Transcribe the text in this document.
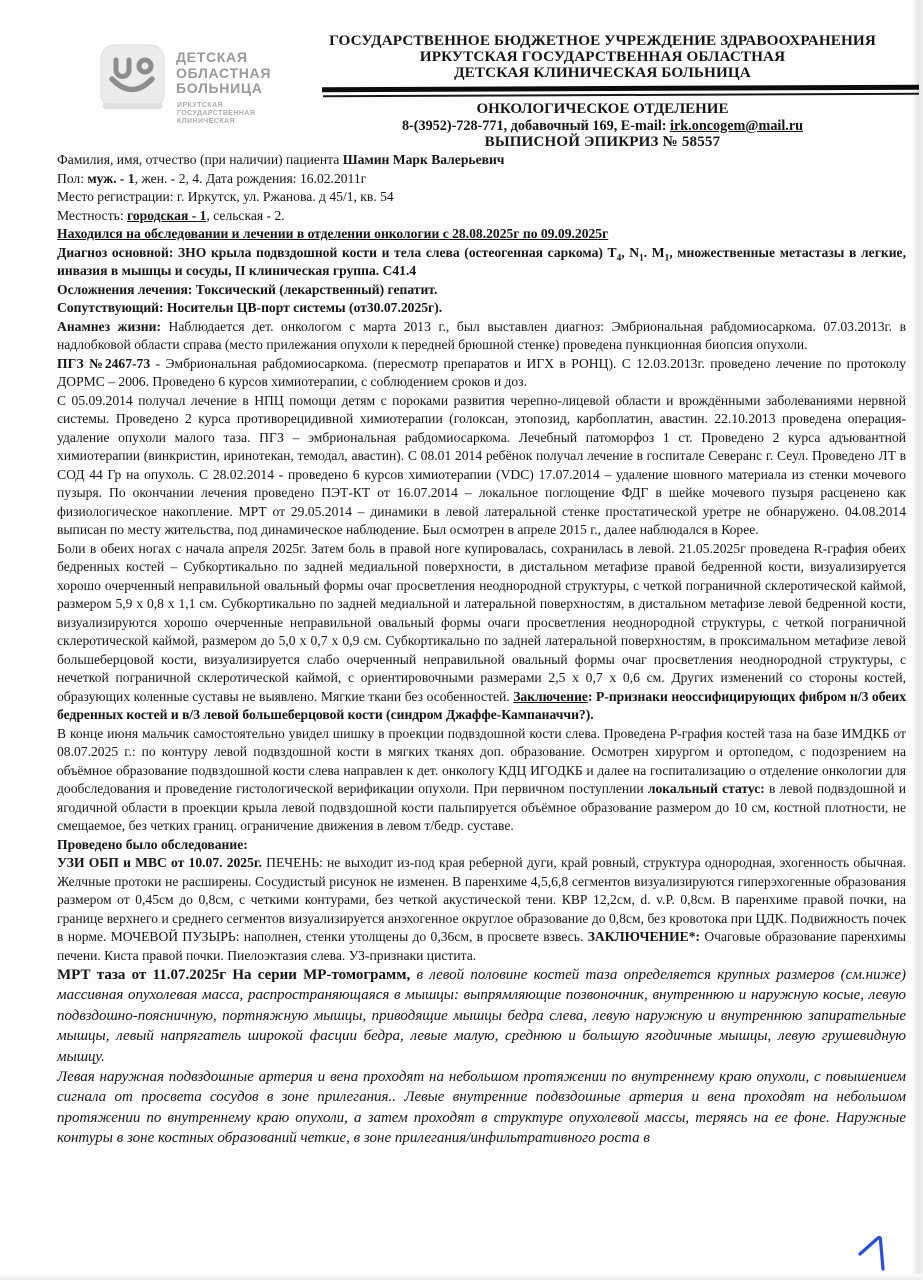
ДЕТСКАЯ
ОБЛАСТНАЯ
БОЛЬНИЦА
ИРКУТСКАЯ
ГОСУДАРСТВЕННАЯ
КЛИНИЧЕСКАЯ
ГОСУДАРСТВЕННОЕ БЮДЖЕТНОЕ УЧРЕЖДЕНИЕ ЗДРАВООХРАНЕНИЯ
ИРКУТСКАЯ ГОСУДАРСТВЕННАЯ ОБЛАСТНАЯ
ДЕТСКАЯ КЛИНИЧЕСКАЯ БОЛЬНИЦА
ОНКОЛОГИЧЕСКОЕ ОТДЕЛЕНИЕ
8-(3952)-728-771, добавочный 169, E-mail: irk.oncogem@mail.ru
ВЫПИСНОЙ ЭПИКРИЗ № 58557

Фамилия, имя, отчество (при наличии) пациента Шамин Марк Валерьевич

Пол: муж. - 1, жен. - 2, 4. Дата рождения: 16.02.2011г

Место регистрации: г. Иркутск, ул. Ржанова. д 45/1, кв. 54

Местность: городская - 1, сельская - 2.

Находился на обследовании и лечении в отделении онкологии с 28.08.2025г по 09.09.2025г

Диагноз основной: ЗНО крыла подвздошной кости и тела слева (остеогенная саркома) $Т_4$, $N_1$. $М_1$, множественные метастазы в легкие, инвазия в мышцы и сосуды, II клиническая группа. С41.4

Осложнения лечения: Токсический (лекарственный) гепатит.

Сопутствующий: Носительн ЦВ-порт системы (от30.07.2025г).

Анамнез жизни: Наблюдается дет. онкологом с марта 2013 г., был выставлен диагноз: Эмбриональная рабдомиосаркома. 07.03.2013г. в надлобковой области справа (место прилежания опухоли к передней брюшной стенке) проведена пункционная биопсия опухоли.

ПГЗ №2467-73 - Эмбриональная рабдомиосаркома. (пересмотр препаратов и ИГХ в РОНЦ). С 12.03.2013г. проведено лечение по протоколу ДОРМС – 2006. Проведено 6 курсов химиотерапии, с соблюдением сроков и доз.

С 05.09.2014 получал лечение в НПЦ помощи детям с пороками развития черепно-лицевой области и врождёнными заболеваниями нервной системы. Проведено 2 курса противорецидивной химиотерапии (голоксан, этопозид, карбоплатин, авастин. 22.10.2013 проведена операция- удаление опухоли малого таза. ПГЗ – эмбриональная рабдомиосаркома. Лечебный патоморфоз 1 ст. Проведено 2 курса адъювантной химиотерапии (винкристин, иринотекан, темодал, авастин). С 08.01 2014 ребёнок получал лечение в госпитале Северанс г. Сеул. Проведено ЛТ в СОД 44 Гр на опухоль. С 28.02.2014 - проведено 6 курсов химиотерапии (VDC) 17.07.2014 – удаление шовного материала из стенки мочевого пузыря. По окончании лечения проведено ПЭТ-КТ от 16.07.2014 – локальное поглощение ФДГ в шейке мочевого пузыря расценено как физиологическое накопление. МРТ от 29.05.2014 – динамики в левой латеральной стенке простатической уретре не обнаружено. 04.08.2014 выписан по месту жительства, под динамическое наблюдение. Был осмотрен в апреле 2015 г., далее наблюдался в Корее.

Боли в обеих ногах с начала апреля 2025г. Затем боль в правой ноге купировалась, сохранилась в левой. 21.05.2025г проведена R-графия обеих бедренных костей – Субкортикально по задней медиальной поверхности, в дистальном метафизе правой бедренной кости, визуализируется хорошо очерченный неправильной овальный формы очаг просветления неоднородной структуры, с четкой пограничной склеротической каймой, размером 5,9 х 0,8 х 1,1 см. Субкортикально по задней медиальной и латеральной поверхностям, в дистальном метафизе левой бедренной кости, визуализируются хорошо очерченные неправильной овальный формы очаги просветления неоднородной структуры, с четкой пограничной склеротической каймой, размером до 5,0 х 0,7 х 0,9 см. Субкортикально по задней латеральной поверхностям, в проксимальном метафизе левой большеберцовой кости, визуализируется слабо очерченный неправильной овальный формы очаг просветления неоднородной структуры, с нечеткой пограничной склеротической каймой, с ориентировочными размерами 2,5 х 0,7 х 0,6 см. Других изменений со стороны костей, образующих коленные суставы не выявлено. Мягкие ткани без особенностей. Заключение: Р-признаки неоссифицирующих фибром н/3 обеих бедренных костей и в/3 левой большеберцовой кости (синдром Джаффе-Кампаначчи?).

В конце июня мальчик самостоятельно увидел шишку в проекции подвздошной кости слева. Проведена Р-графия костей таза на базе ИМДКБ от 08.07.2025 г.: по контуру левой подвздошной кости в мягких тканях доп. образование. Осмотрен хирургом и ортопедом, с подозрением на объёмное образование подвздошной кости слева направлен к дет. онкологу КДЦ ИГОДКБ и далее на госпитализацию о отделение онкологии для дообследования и проведение гистологической верификации опухоли. При первичном поступлении локальный статус: в левой подвздошной и ягодичной области в проекции крыла левой подвздошной кости пальпируется объёмное образование размером до 10 см, костной плотности, не смещаемое, без четких границ. ограничение движения в левом т/бедр. суставе.

Проведено было обследование:

УЗИ ОБП и МВС от 10.07. 2025г. ПЕЧЕНЬ: не выходит из-под края реберной дуги, край ровный, структура однородная, эхогенность обычная. Желчные протоки не расширены. Сосудистый рисунок не изменен. В паренхиме 4,5,6,8 сегментов визуализируются гиперэхогенные образования размером от 0,45см до 0,8см, с четкими контурами, без четкой акустической тени. КВР 12,2см, d. v.P. 0,8см. В паренхиме правой почки, на границе верхнего и среднего сегментов визуализируется анэхогенное округлое образование до 0,8см, без кровотока при ЦДК. Подвижность почек в норме. МОЧЕВОЙ ПУЗЫРЬ: наполнен, стенки утолщены до 0,36см, в просвете взвесь. ЗАКЛЮЧЕНИЕ*: Очаговые образование паренхимы печени. Киста правой почки. Пиелоэктазия слева. УЗ-признаки цистита.

МРТ таза от 11.07.2025г На серии МР-томограмм, в левой половине костей таза определяется крупных размеров (см.ниже) массивная опухолевая масса, распространяющаяся в мышцы: выпрямляющие позвоночник, внутреннюю и наружную косые, левую подвздошно-поясничную, портняжную мышцы, приводящие мышцы бедра слева, левую наружную и внутреннюю запирательные мышцы, левый напрягатель широкой фасции бедра, левые малую, среднюю и большую ягодичные мышцы, левую грушевидную мышцу.

Левая наружная подвздошные артерия и вена проходят на небольшом протяжении по внутреннему краю опухоли, с повышением сигнала от просвета сосудов в зоне прилегания.. Левые внутренние подвздошные артерия и вена проходят на небольшом протяжении по внутреннему краю опухоли, а затем проходят в структуре опухолевой массы, теряясь на ее фоне. Наружные контуры в зоне костных образований четкие, в зоне прилегания/инфильтративного роста в
